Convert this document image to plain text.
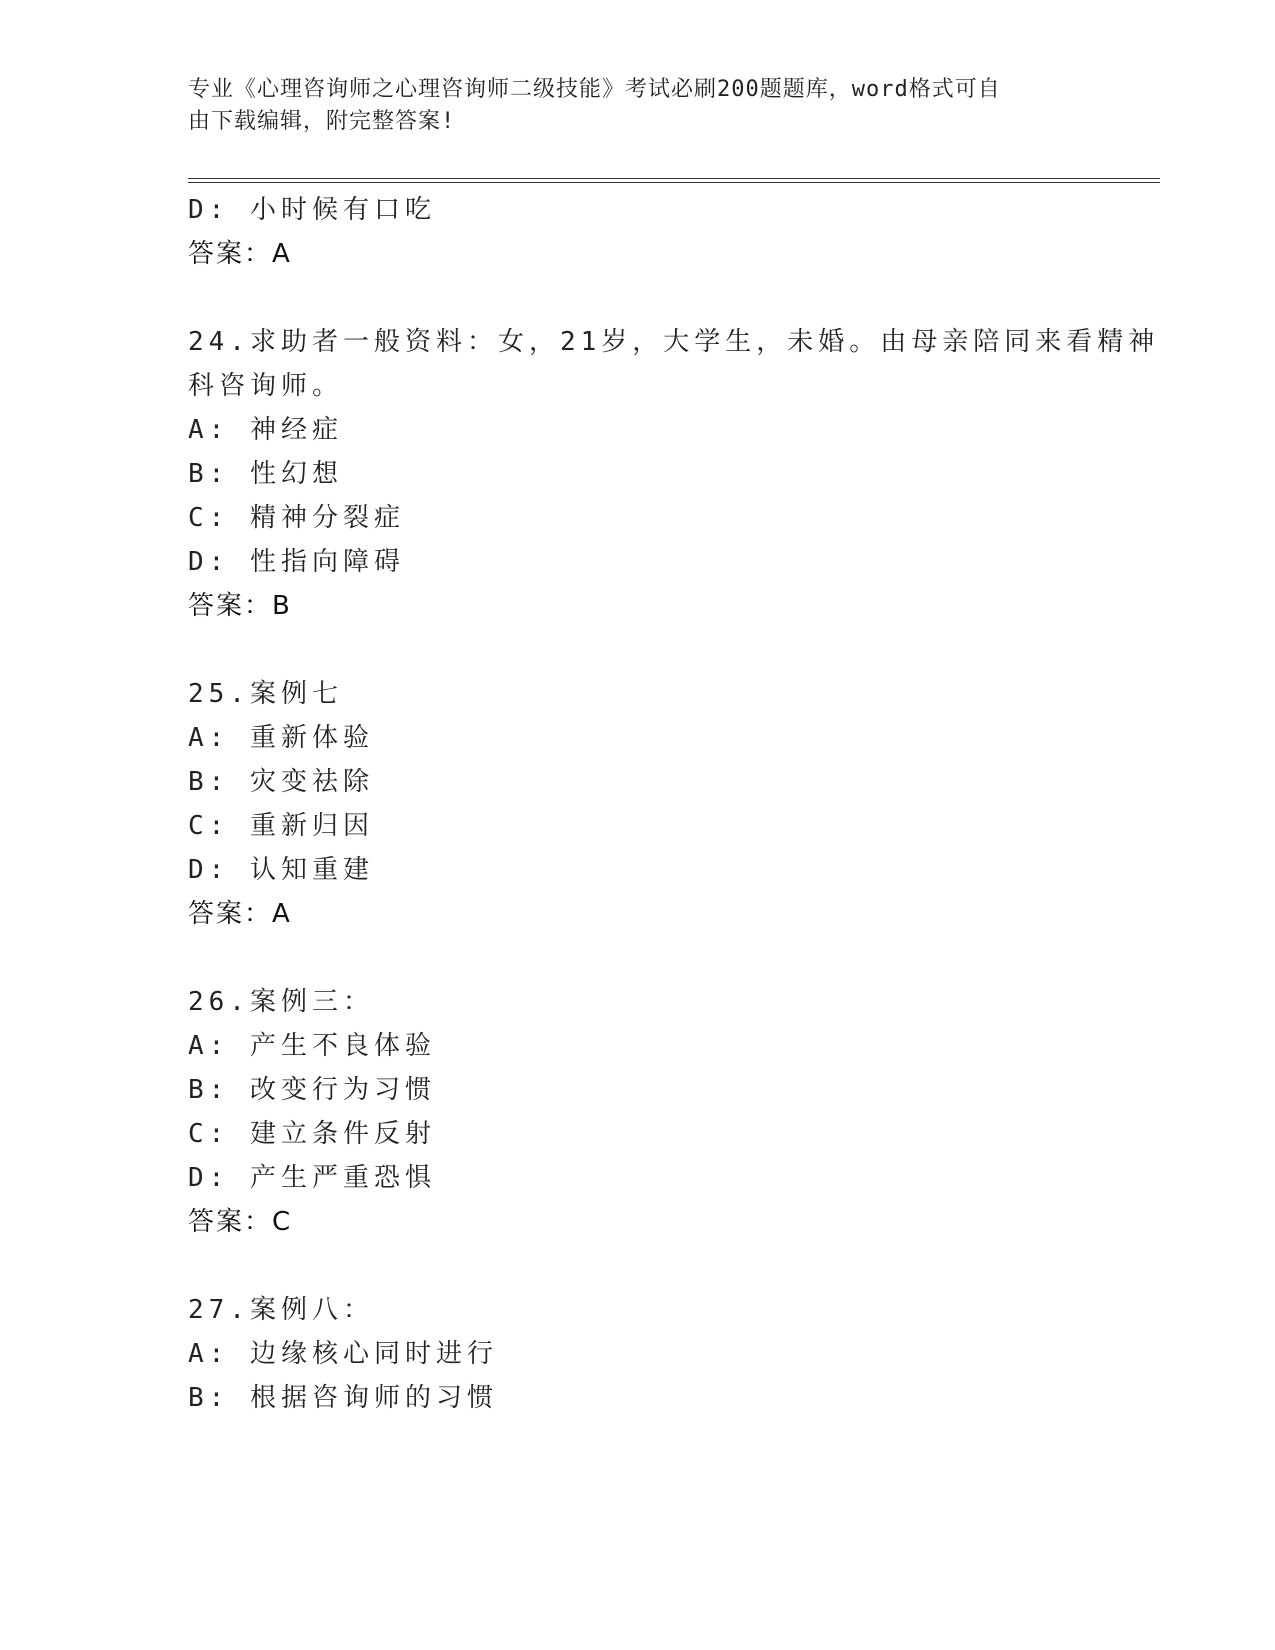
专业《心理咨询师之心理咨询师二级技能》考试必刷200题题库，word格式可自
由下载编辑，附完整答案!
D: 小时候有口吃
答案：A
24.求助者一般资料：女，21岁，大学生，未婚。由母亲陪同来看精神
科咨询师。
A: 神经症
B: 性幻想
C: 精神分裂症
D: 性指向障碍
答案：B
25.案例七
A: 重新体验
B: 灾变祛除
C: 重新归因
D: 认知重建
答案：A
26.案例三：
A: 产生不良体验
B: 改变行为习惯
C: 建立条件反射
D: 产生严重恐惧
答案：C
27.案例八：
A: 边缘核心同时进行
B: 根据咨询师的习惯
